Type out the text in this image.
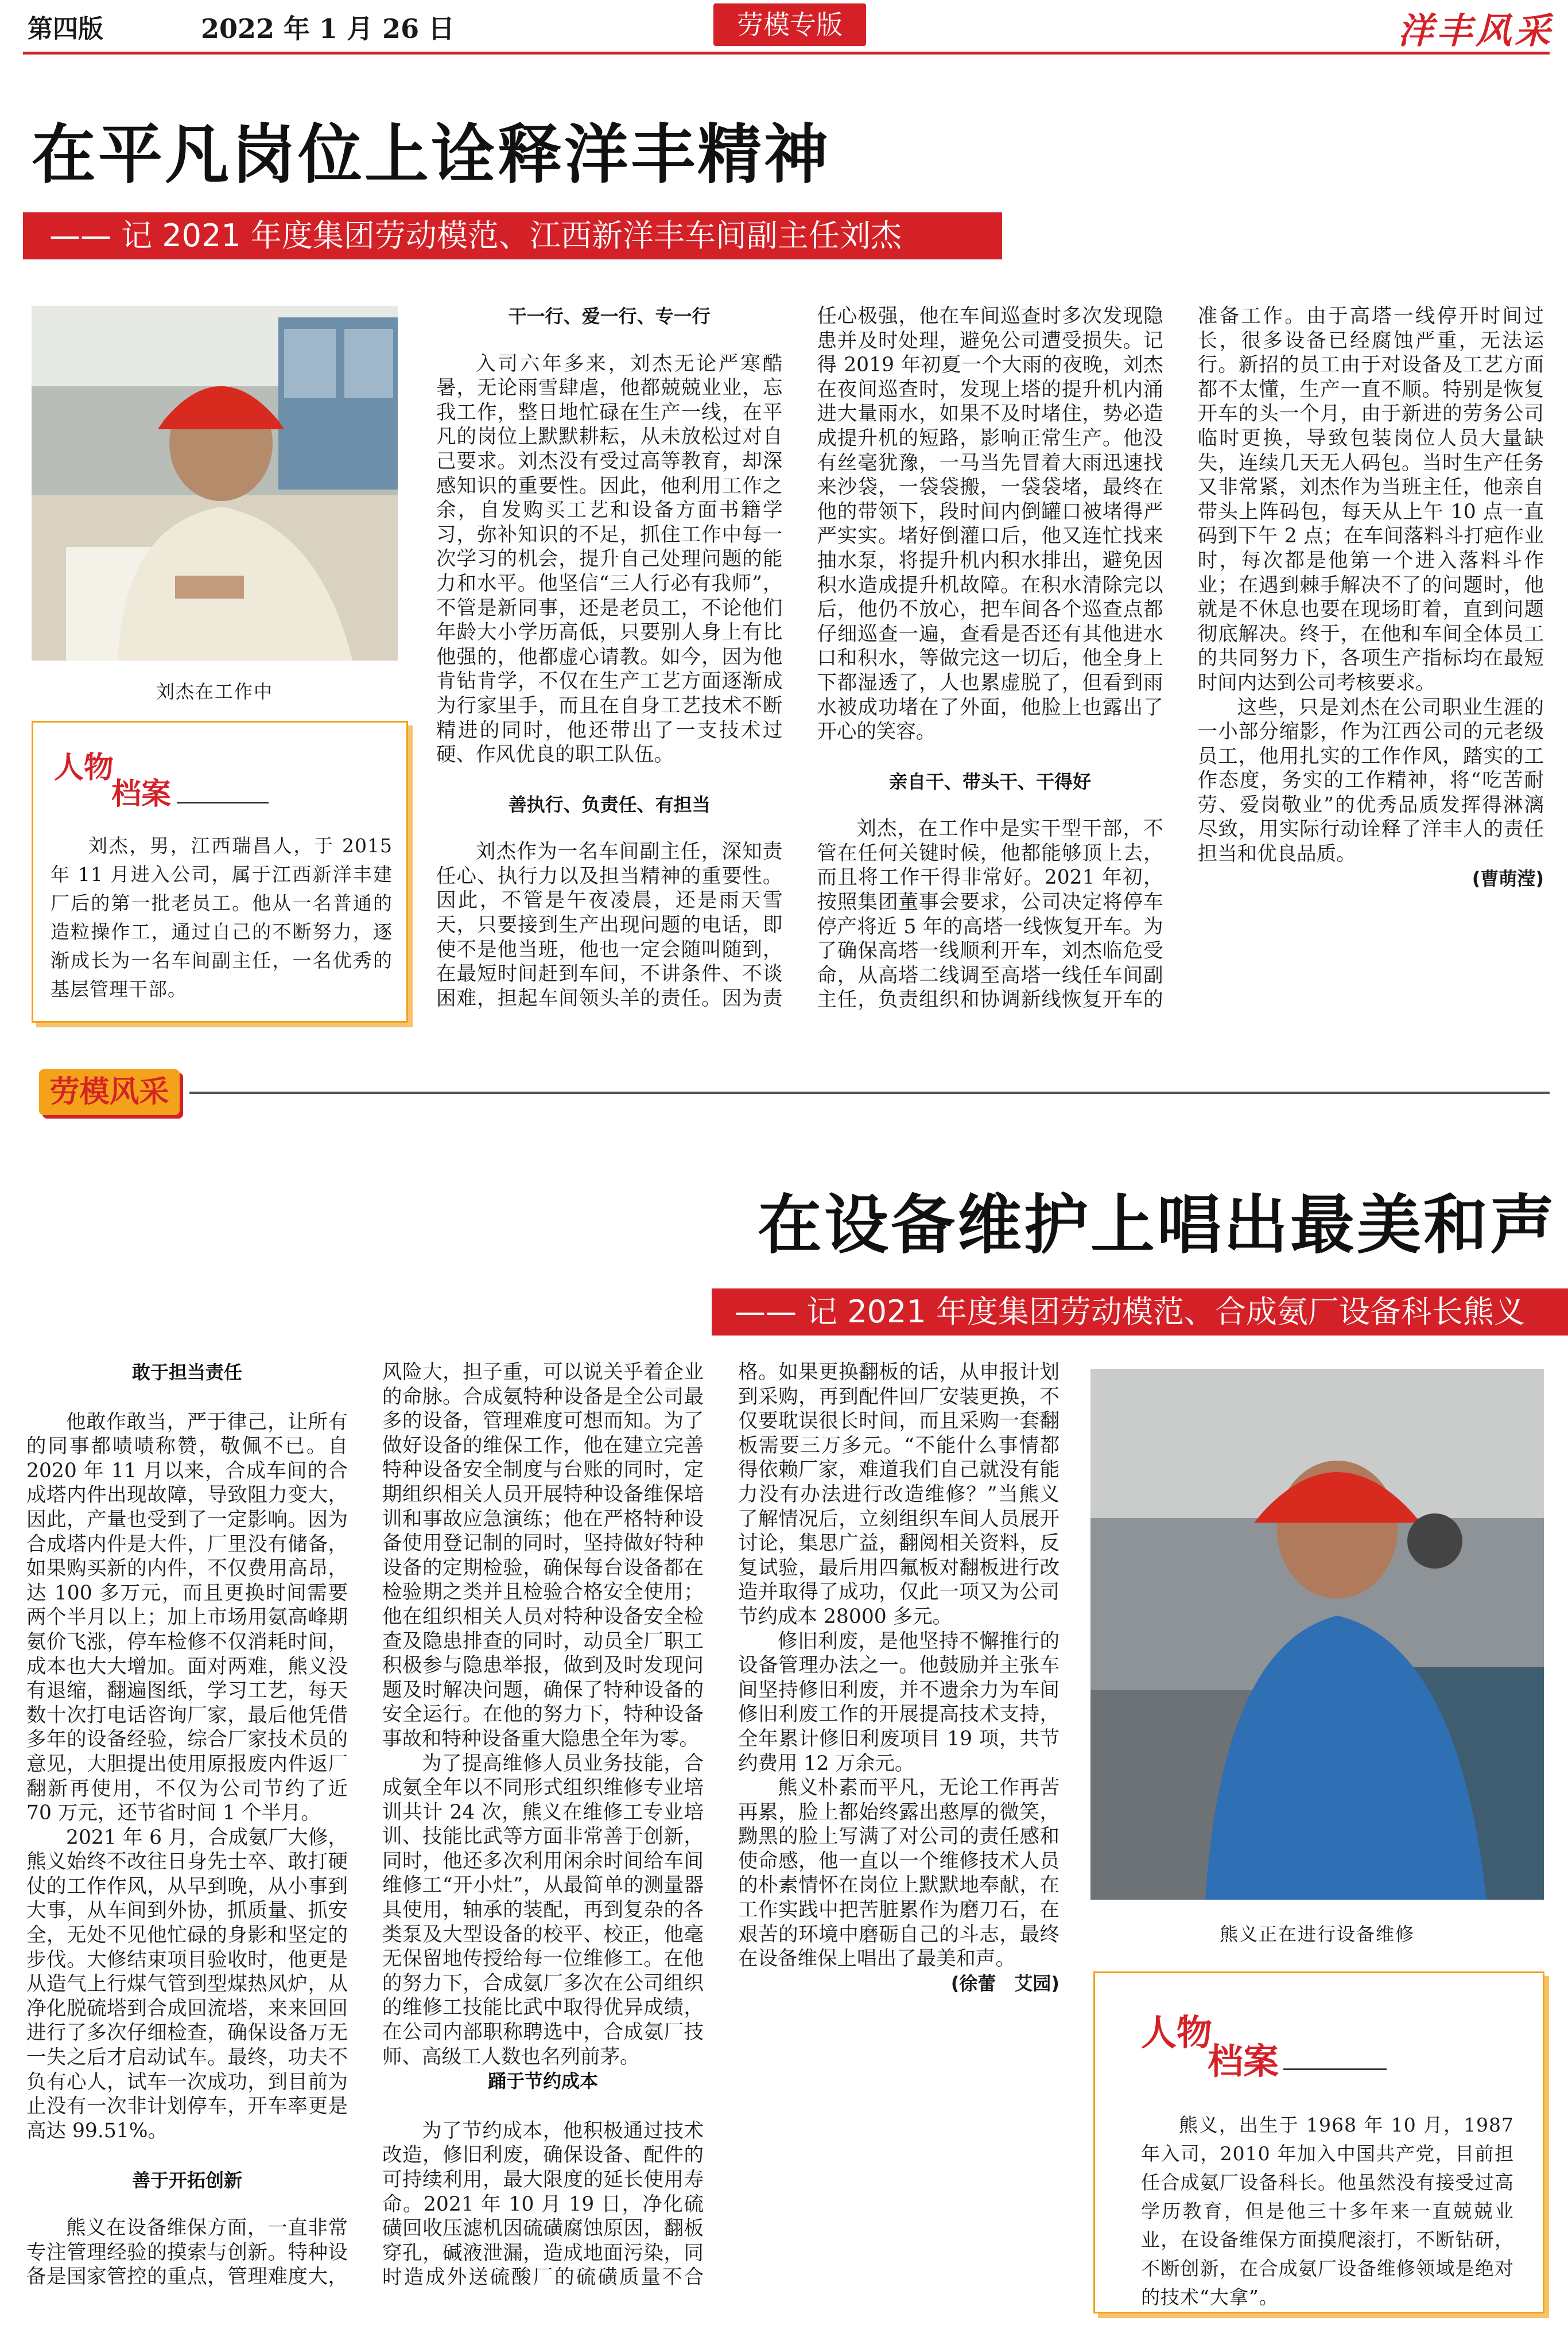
第四版	2022 年 1 月 26 日	劳模专版	洋丰风采
在平凡岗位上诠释洋丰精神
—— 记 2021 年度集团劳动模范、江西新洋丰车间副主任刘杰
刘杰在工作中
人物
档案

刘杰，男，江西瑞昌人，于 2015 年 11 月进入公司，属于江西新洋丰建厂后的第一批老员工。他从一名普通的造粒操作工，通过自己的不断努力，逐渐成长为一名车间副主任，一名优秀的基层管理干部。

干一行、爱一行、专一行

入司六年多来，刘杰无论严寒酷暑，无论雨雪肆虐，他都兢兢业业，忘我工作，整日地忙碌在生产一线，在平凡的岗位上默默耕耘，从未放松过对自己要求。刘杰没有受过高等教育，却深感知识的重要性。因此，他利用工作之余，自发购买工艺和设备方面书籍学习，弥补知识的不足，抓住工作中每一次学习的机会，提升自己处理问题的能力和水平。他坚信“三人行必有我师”，不管是新同事，还是老员工，不论他们年龄大小学历高低，只要别人身上有比他强的，他都虚心请教。如今，因为他肯钻肯学，不仅在生产工艺方面逐渐成为行家里手，而且在自身工艺技术不断精进的同时，他还带出了一支技术过硬、作风优良的职工队伍。

善执行、负责任、有担当

刘杰作为一名车间副主任，深知责任心、执行力以及担当精神的重要性。因此，不管是午夜凌晨，还是雨天雪天，只要接到生产出现问题的电话，即使不是他当班，他也一定会随叫随到，在最短时间赶到车间，不讲条件、不谈困难，担起车间领头羊的责任。因为责任心极强，他在车间巡查时多次发现隐患并及时处理，避免公司遭受损失。记得 2019 年初夏一个大雨的夜晚，刘杰在夜间巡查时，发现上塔的提升机内涌进大量雨水，如果不及时堵住，势必造成提升机的短路，影响正常生产。他没有丝毫犹豫，一马当先冒着大雨迅速找来沙袋，一袋袋搬，一袋袋堵，最终在他的带领下，段时间内倒罐口被堵得严严实实。堵好倒灌口后，他又连忙找来抽水泵，将提升机内积水排出，避免因积水造成提升机故障。在积水清除完以后，他仍不放心，把车间各个巡查点都仔细巡查一遍，查看是否还有其他进水口和积水，等做完这一切后，他全身上下都湿透了，人也累虚脱了，但看到雨水被成功堵在了外面，他脸上也露出了开心的笑容。

亲自干、带头干、干得好

刘杰，在工作中是实干型干部，不管在任何关键时候，他都能够顶上去，而且将工作干得非常好。2021 年初，按照集团董事会要求，公司决定将停车停产将近 5 年的高塔一线恢复开车。为了确保高塔一线顺利开车，刘杰临危受命，从高塔二线调至高塔一线任车间副主任，负责组织和协调新线恢复开车的准备工作。由于高塔一线停开时间过长，很多设备已经腐蚀严重，无法运行。新招的员工由于对设备及工艺方面都不太懂，生产一直不顺。特别是恢复开车的头一个月，由于新进的劳务公司临时更换，导致包装岗位人员大量缺失，连续几天无人码包。当时生产任务又非常紧，刘杰作为当班主任，他亲自带头上阵码包，每天从上午 10 点一直码到下午 2 点；在车间落料斗打疤作业时，每次都是他第一个进入落料斗作业；在遇到棘手解决不了的问题时，他就是不休息也要在现场盯着，直到问题彻底解决。终于，在他和车间全体员工的共同努力下，各项生产指标均在最短时间内达到公司考核要求。

这些，只是刘杰在公司职业生涯的一小部分缩影，作为江西公司的元老级员工，他用扎实的工作作风，踏实的工作态度，务实的工作精神，将“吃苦耐劳、爱岗敬业”的优秀品质发挥得淋漓尽致，用实际行动诠释了洋丰人的责任担当和优良品质。

(曹萌滢)
劳模风采
在设备维护上唱出最美和声
—— 记 2021 年度集团劳动模范、合成氨厂设备科长熊义
敢于担当责任

他敢作敢当，严于律己，让所有的同事都啧啧称赞，敬佩不已。自 2020 年 11 月以来，合成车间的合成塔内件出现故障，导致阻力变大，因此，产量也受到了一定影响。因为合成塔内件是大件，厂里没有储备，如果购买新的内件，不仅费用高昂，达 100 多万元，而且更换时间需要两个半月以上；加上市场用氨高峰期氨价飞涨，停车检修不仅消耗时间，成本也大大增加。面对两难，熊义没有退缩，翻遍图纸，学习工艺，每天数十次打电话咨询厂家，最后他凭借多年的设备经验，综合厂家技术员的意见，大胆提出使用原报废内件返厂翻新再使用，不仅为公司节约了近 70 万元，还节省时间 1 个半月。

2021 年 6 月，合成氨厂大修，熊义始终不改往日身先士卒、敢打硬仗的工作作风，从早到晚，从小事到大事，从车间到外协，抓质量、抓安全，无处不见他忙碌的身影和坚定的步伐。大修结束项目验收时，他更是从造气上行煤气管到型煤热风炉，从净化脱硫塔到合成回流塔，来来回回进行了多次仔细检查，确保设备万无一失之后才启动试车。最终，功夫不负有心人，试车一次成功，到目前为止没有一次非计划停车，开车率更是高达 99.51%。

善于开拓创新

熊义在设备维保方面，一直非常专注管理经验的摸索与创新。特种设备是国家管控的重点，管理难度大，风险大，担子重，可以说关乎着企业的命脉。合成氨特种设备是全公司最多的设备，管理难度可想而知。为了做好设备的维保工作，他在建立完善特种设备安全制度与台账的同时，定期组织相关人员开展特种设备维保培训和事故应急演练；他在严格特种设备使用登记制的同时，坚持做好特种设备的定期检验，确保每台设备都在检验期之类并且检验合格安全使用；他在组织相关人员对特种设备安全检查及隐患排查的同时，动员全厂职工积极参与隐患举报，做到及时发现问题及时解决问题，确保了特种设备的安全运行。在他的努力下，特种设备事故和特种设备重大隐患全年为零。

为了提高维修人员业务技能，合成氨全年以不同形式组织维修专业培训共计 24 次，熊义在维修工专业培训、技能比武等方面非常善于创新，同时，他还多次利用闲余时间给车间维修工“开小灶”，从最简单的测量器具使用，轴承的装配，再到复杂的各类泵及大型设备的校平、校正，他毫无保留地传授给每一位维修工。在他的努力下，合成氨厂多次在公司组织的维修工技能比武中取得优异成绩，在公司内部职称聘选中，合成氨厂技师、高级工人数也名列前茅。

踊于节约成本

为了节约成本，他积极通过技术改造，修旧利废，确保设备、配件的可持续利用，最大限度的延长使用寿命。2021 年 10 月 19 日，净化硫磺回收压滤机因硫磺腐蚀原因，翻板穿孔，碱液泄漏，造成地面污染，同时造成外送硫酸厂的硫磺质量不合格。如果更换翻板的话，从申报计划到采购，再到配件回厂安装更换，不仅要耽误很长时间，而且采购一套翻板需要三万多元。“不能什么事情都得依赖厂家，难道我们自己就没有能力没有办法进行改造维修？”当熊义了解情况后，立刻组织车间人员展开讨论，集思广益，翻阅相关资料，反复试验，最后用四氟板对翻板进行改造并取得了成功，仅此一项又为公司节约成本 28000 多元。

修旧利废，是他坚持不懈推行的设备管理办法之一。他鼓励并主张车间坚持修旧利废，并不遗余力为车间修旧利废工作的开展提高技术支持，全年累计修旧利废项目 19 项，共节约费用 12 万余元。

熊义朴素而平凡，无论工作再苦再累，脸上都始终露出憨厚的微笑，黝黑的脸上写满了对公司的责任感和使命感，他一直以一个维修技术人员的朴素情怀在岗位上默默地奉献，在工作实践中把苦脏累作为磨刀石，在艰苦的环境中磨砺自己的斗志，最终在设备维保上唱出了最美和声。

(徐蕾　艾园)
熊义正在进行设备维修
人物
档案

熊义，出生于 1968 年 10 月，1987 年入司，2010 年加入中国共产党，目前担任合成氨厂设备科长。他虽然没有接受过高学历教育，但是他三十多年来一直兢兢业业，在设备维保方面摸爬滚打，不断钻研，不断创新，在合成氨厂设备维修领域是绝对的技术“大拿”。
